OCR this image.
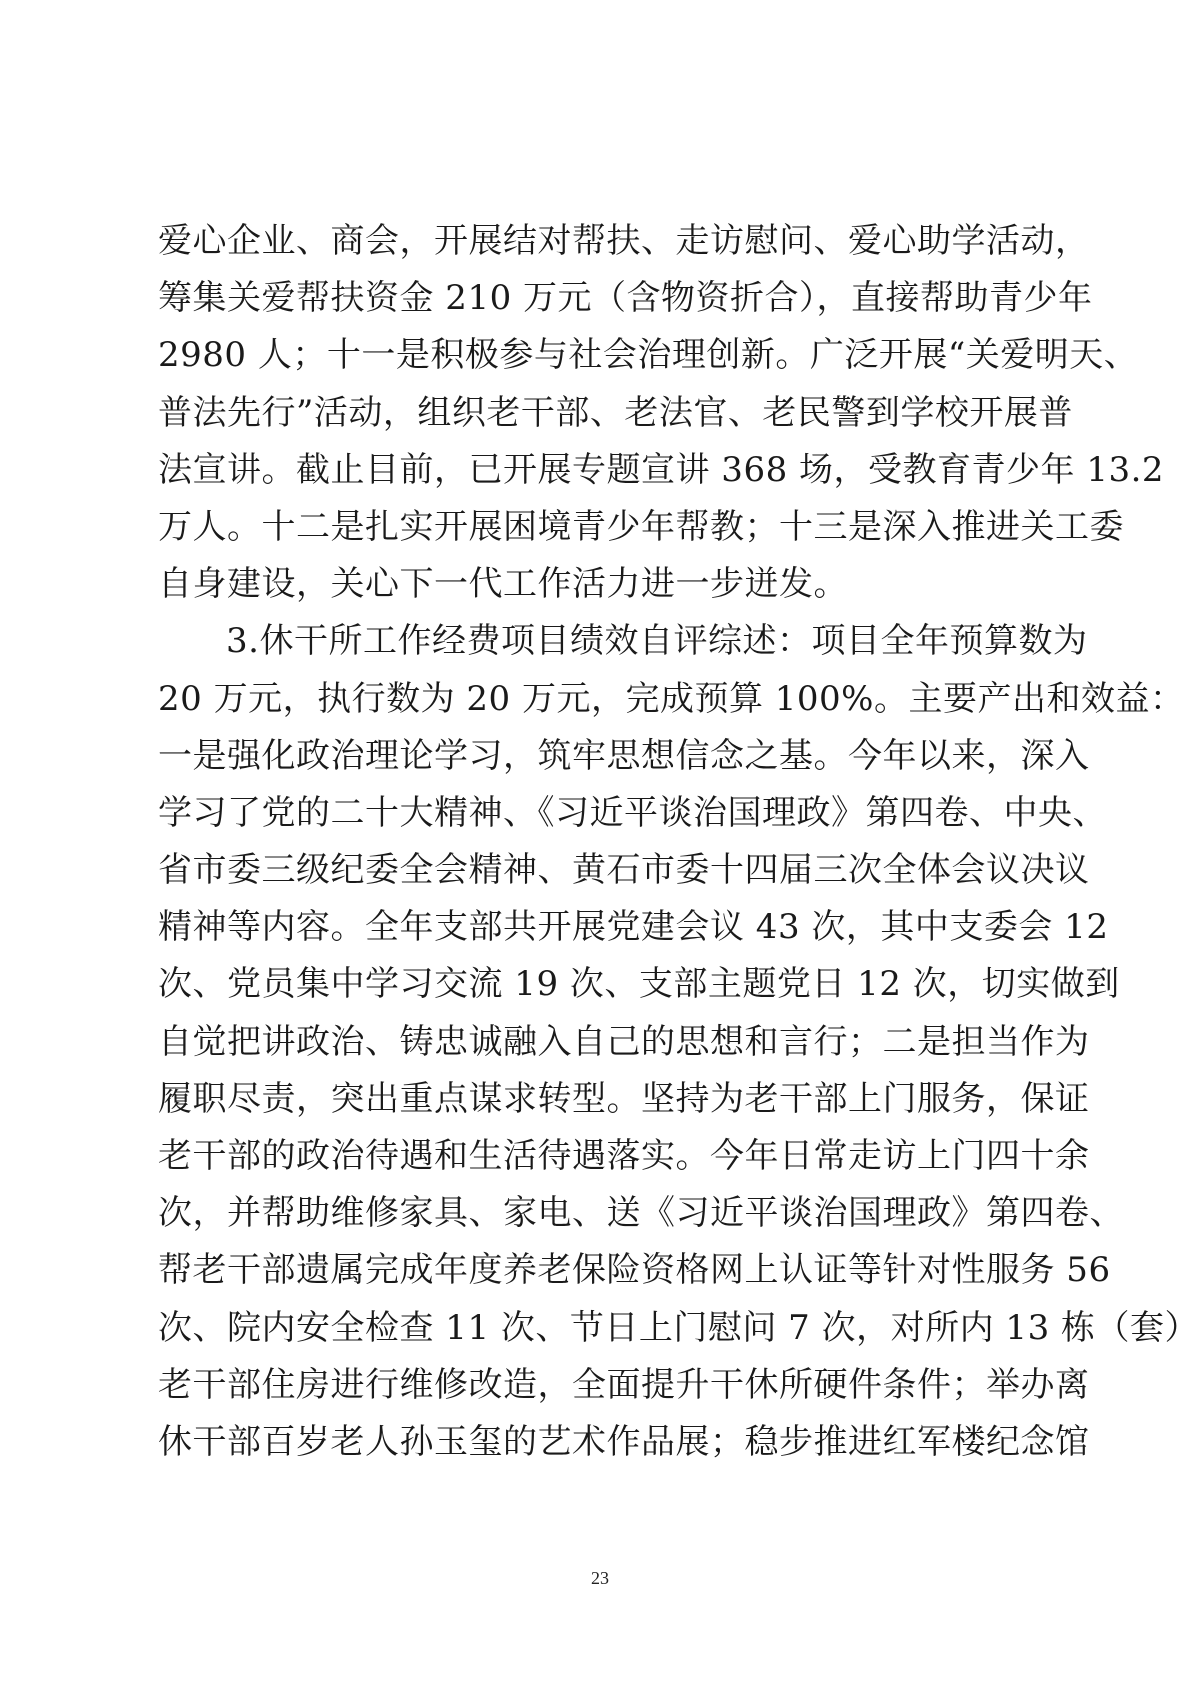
爱心企业、商会，开展结对帮扶、走访慰问、爱心助学活动，
筹集关爱帮扶资金 210 万元（含物资折合），直接帮助青少年
2980 人；十一是积极参与社会治理创新。广泛开展“关爱明天、
普法先行”活动，组织老干部、老法官、老民警到学校开展普
法宣讲。截止目前，已开展专题宣讲 368 场，受教育青少年 13.2
万人。十二是扎实开展困境青少年帮教；十三是深入推进关工委
自身建设，关心下一代工作活力进一步迸发。
3.休干所工作经费项目绩效自评综述：项目全年预算数为
20 万元，执行数为 20 万元，完成预算 100%。主要产出和效益：
一是强化政治理论学习，筑牢思想信念之基。今年以来，深入
学习了党的二十大精神、《习近平谈治国理政》第四卷、中央、
省市委三级纪委全会精神、黄石市委十四届三次全体会议决议
精神等内容。全年支部共开展党建会议 43 次，其中支委会 12
次、党员集中学习交流 19 次、支部主题党日 12 次，切实做到
自觉把讲政治、铸忠诚融入自己的思想和言行；二是担当作为
履职尽责，突出重点谋求转型。坚持为老干部上门服务，保证
老干部的政治待遇和生活待遇落实。今年日常走访上门四十余
次，并帮助维修家具、家电、送《习近平谈治国理政》第四卷、
帮老干部遗属完成年度养老保险资格网上认证等针对性服务 56
次、院内安全检查 11 次、节日上门慰问 7 次，对所内 13 栋（套）
老干部住房进行维修改造，全面提升干休所硬件条件；举办离
休干部百岁老人孙玉玺的艺术作品展；稳步推进红军楼纪念馆
23
